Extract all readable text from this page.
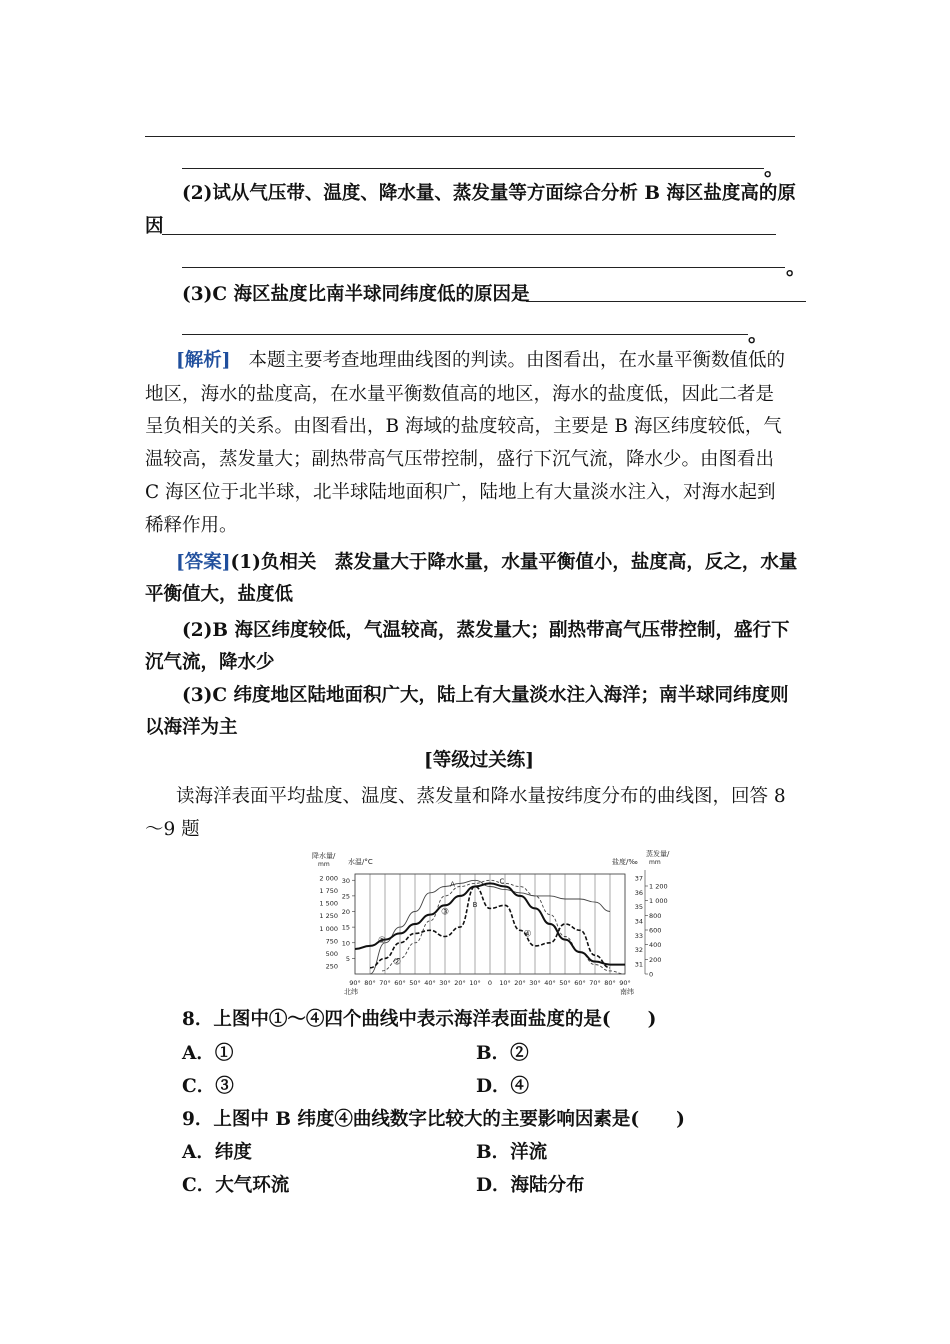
。
(2)试从气压带、温度、降水量、蒸发量等方面综合分析 B 海区盐度高的原
因
。
(3)C 海区盐度比南半球同纬度低的原因是
。
[解析] 本题主要考查地理曲线图的判读。由图看出，在水量平衡数值低的
地区，海水的盐度高，在水量平衡数值高的地区，海水的盐度低，因此二者是
呈负相关的关系。由图看出，B 海域的盐度较高，主要是 B 海区纬度较低，气
温较高，蒸发量大；副热带高气压带控制，盛行下沉气流，降水少。由图看出
C 海区位于北半球，北半球陆地面积广，陆地上有大量淡水注入，对海水起到
稀释作用。
[答案](1)负相关　蒸发量大于降水量，水量平衡值小，盐度高，反之，水量
平衡值大，盐度低
(2)B 海区纬度较低，气温较高，蒸发量大；副热带高气压带控制，盛行下
沉气流，降水少
(3)C 纬度地区陆地面积广大，陆上有大量淡水注入海洋；南半球同纬度则
以海洋为主
[等级过关练]
读海洋表面平均盐度、温度、蒸发量和降水量按纬度分布的曲线图，回答 8
～9 题
降水量/
mm	水温/°C	盐度/‰
蒸发量/
mm
北纬	南纬
250
500
750
1 000
1 250
1 500
1 750
2 000
5
10
15
20
25
30
31
32
33
34
35
36
37
0
200
400
600
800
1 000
1 200
90° 80° 70° 60° 50° 40° 30° 20° 10° 0 10° 20° 30° 40° 50° 60° 70° 80° 90°
①
②
③
④
A
B
C
8．上图中①～④四个曲线中表示海洋表面盐度的是(　　)
A．①	B．②
C．③	D．④
9．上图中 B 纬度④曲线数字比较大的主要影响因素是(　　)
A．纬度	B．洋流
C．大气环流	D．海陆分布
